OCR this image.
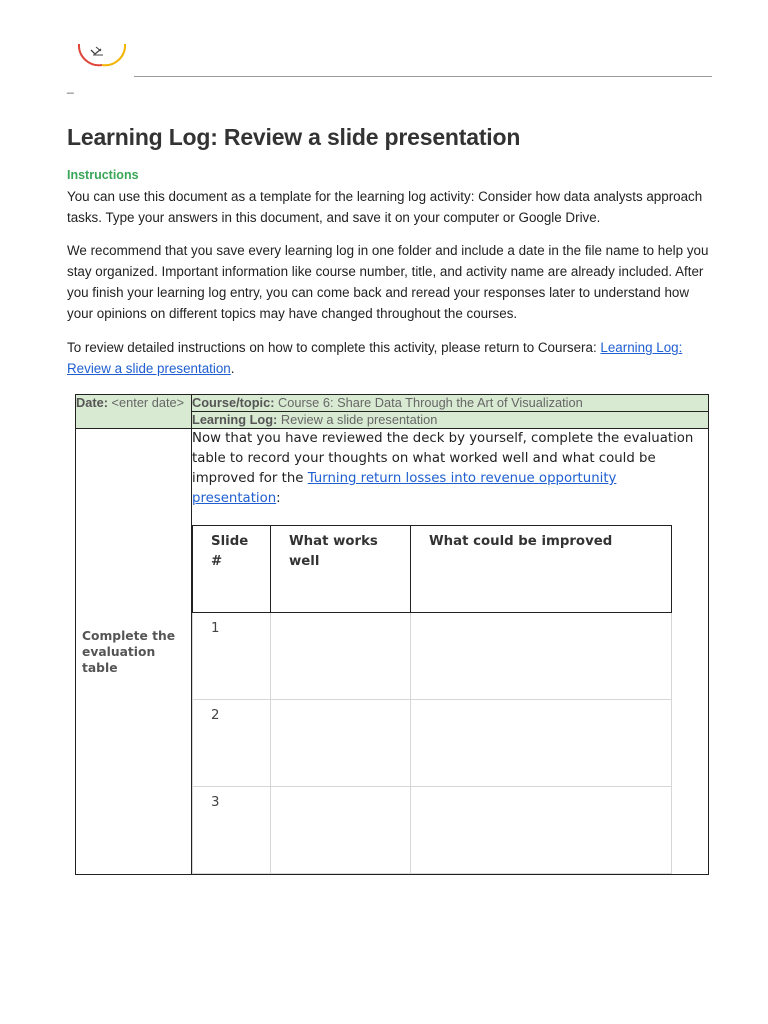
_
Learning Log: Review a slide presentation
Instructions

You can use this document as a template for the learning log activity: Consider how data analysts approach tasks. Type your answers in this document, and save it on your computer or Google Drive.

We recommend that you save every learning log in one folder and include a date in the file name to help you stay organized. Important information like course number, title, and activity name are already included. After you finish your learning log entry, you can come back and reread your responses later to understand how your opinions on different topics may have changed throughout the courses.

To review detailed instructions on how to complete this activity, please return to Coursera: Learning Log: Review a slide presentation.

Date: <enter date>	Course/topic: Course 6: Share Data Through the Art of Visualization
Learning Log: Review a slide presentation
Complete the evaluation table	

Now that you have reviewed the deck by yourself, complete the evaluation table to record your thoughts on what worked well and what could be improved for the Turning return losses into revenue opportunity presentation:

Slide #	What works well	What could be improved
1		
2		
3		
